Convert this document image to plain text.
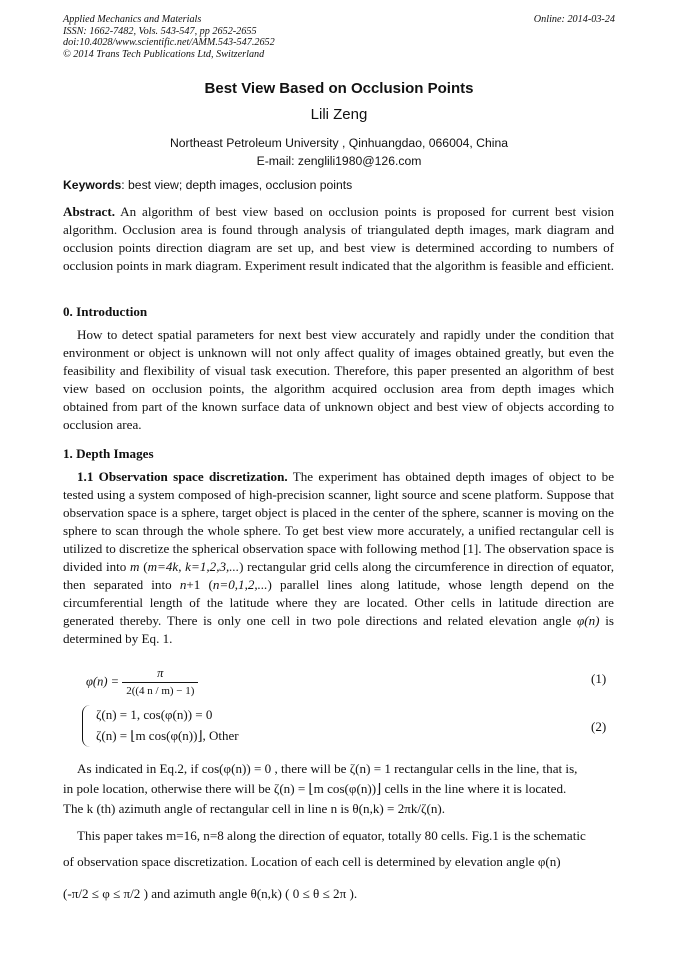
Applied Mechanics and Materials
ISSN: 1662-7482, Vols. 543-547, pp 2652-2655
doi:10.4028/www.scientific.net/AMM.543-547.2652
© 2014 Trans Tech Publications Ltd, Switzerland
Online: 2014-03-24
Best View Based on Occlusion Points
Lili Zeng
Northeast Petroleum University , Qinhuangdao, 066004, China
E-mail: zenglili1980@126.com
Keywords: best view; depth images, occlusion points

Abstract. An algorithm of best view based on occlusion points is proposed for current best vision algorithm. Occlusion area is found through analysis of triangulated depth images, mark diagram and occlusion points direction diagram are set up, and best view is determined according to numbers of occlusion points in mark diagram. Experiment result indicated that the algorithm is feasible and efficient.

0. Introduction

How to detect spatial parameters for next best view accurately and rapidly under the condition that environment or object is unknown will not only affect quality of images obtained greatly, but even the feasibility and flexibility of visual task execution. Therefore, this paper presented an algorithm of best view based on occlusion points, the algorithm acquired occlusion area from depth images which obtained from part of the known surface data of unknown object and best view of objects according to occlusion area.

1. Depth Images

1.1 Observation space discretization. The experiment has obtained depth images of object to be tested using a system composed of high-precision scanner, light source and scene platform. Suppose that observation space is a sphere, target object is placed in the center of the sphere, scanner is moving on the sphere to scan through the whole sphere. To get best view more accurately, a unified rectangular cell is utilized to discretize the spherical observation space with following method [1]. The observation space is divided into m (m=4k, k=1,2,3,...) rectangular grid cells along the circumference in direction of equator, then separated into n+1 (n=0,1,2,...) parallel lines along latitude, whose length depend on the circumferential length of the latitude where they are located. Other cells in latitude direction are generated thereby. There is only one cell in two pole directions and related elevation angle φ(n) is determined by Eq. 1.

$\varphi(n) = \frac{\pi}{2((4 n / m) - 1)}$	(1)
ζ(n) = 1, cos(φ(n)) = 0
ζ(n) = ⌊m cos(φ(n))⌋, Other
(2)
As indicated in Eq.2, if cos(φ(n)) = 0 , there will be ζ(n) = 1 rectangular cells in the line, that is,
in pole location, otherwise there will be ζ(n) = ⌊m cos(φ(n))⌋ cells in the line where it is located.
The k (th) azimuth angle of rectangular cell in line n is θ(n,k) = 2πk/ζ(n).
This paper takes m=16, n=8 along the direction of equator, totally 80 cells. Fig.1 is the schematic
of observation space discretization. Location of each cell is determined by elevation angle φ(n)
(-π/2 ≤ φ ≤ π/2 ) and azimuth angle θ(n,k) ( 0 ≤ θ ≤ 2π ).
